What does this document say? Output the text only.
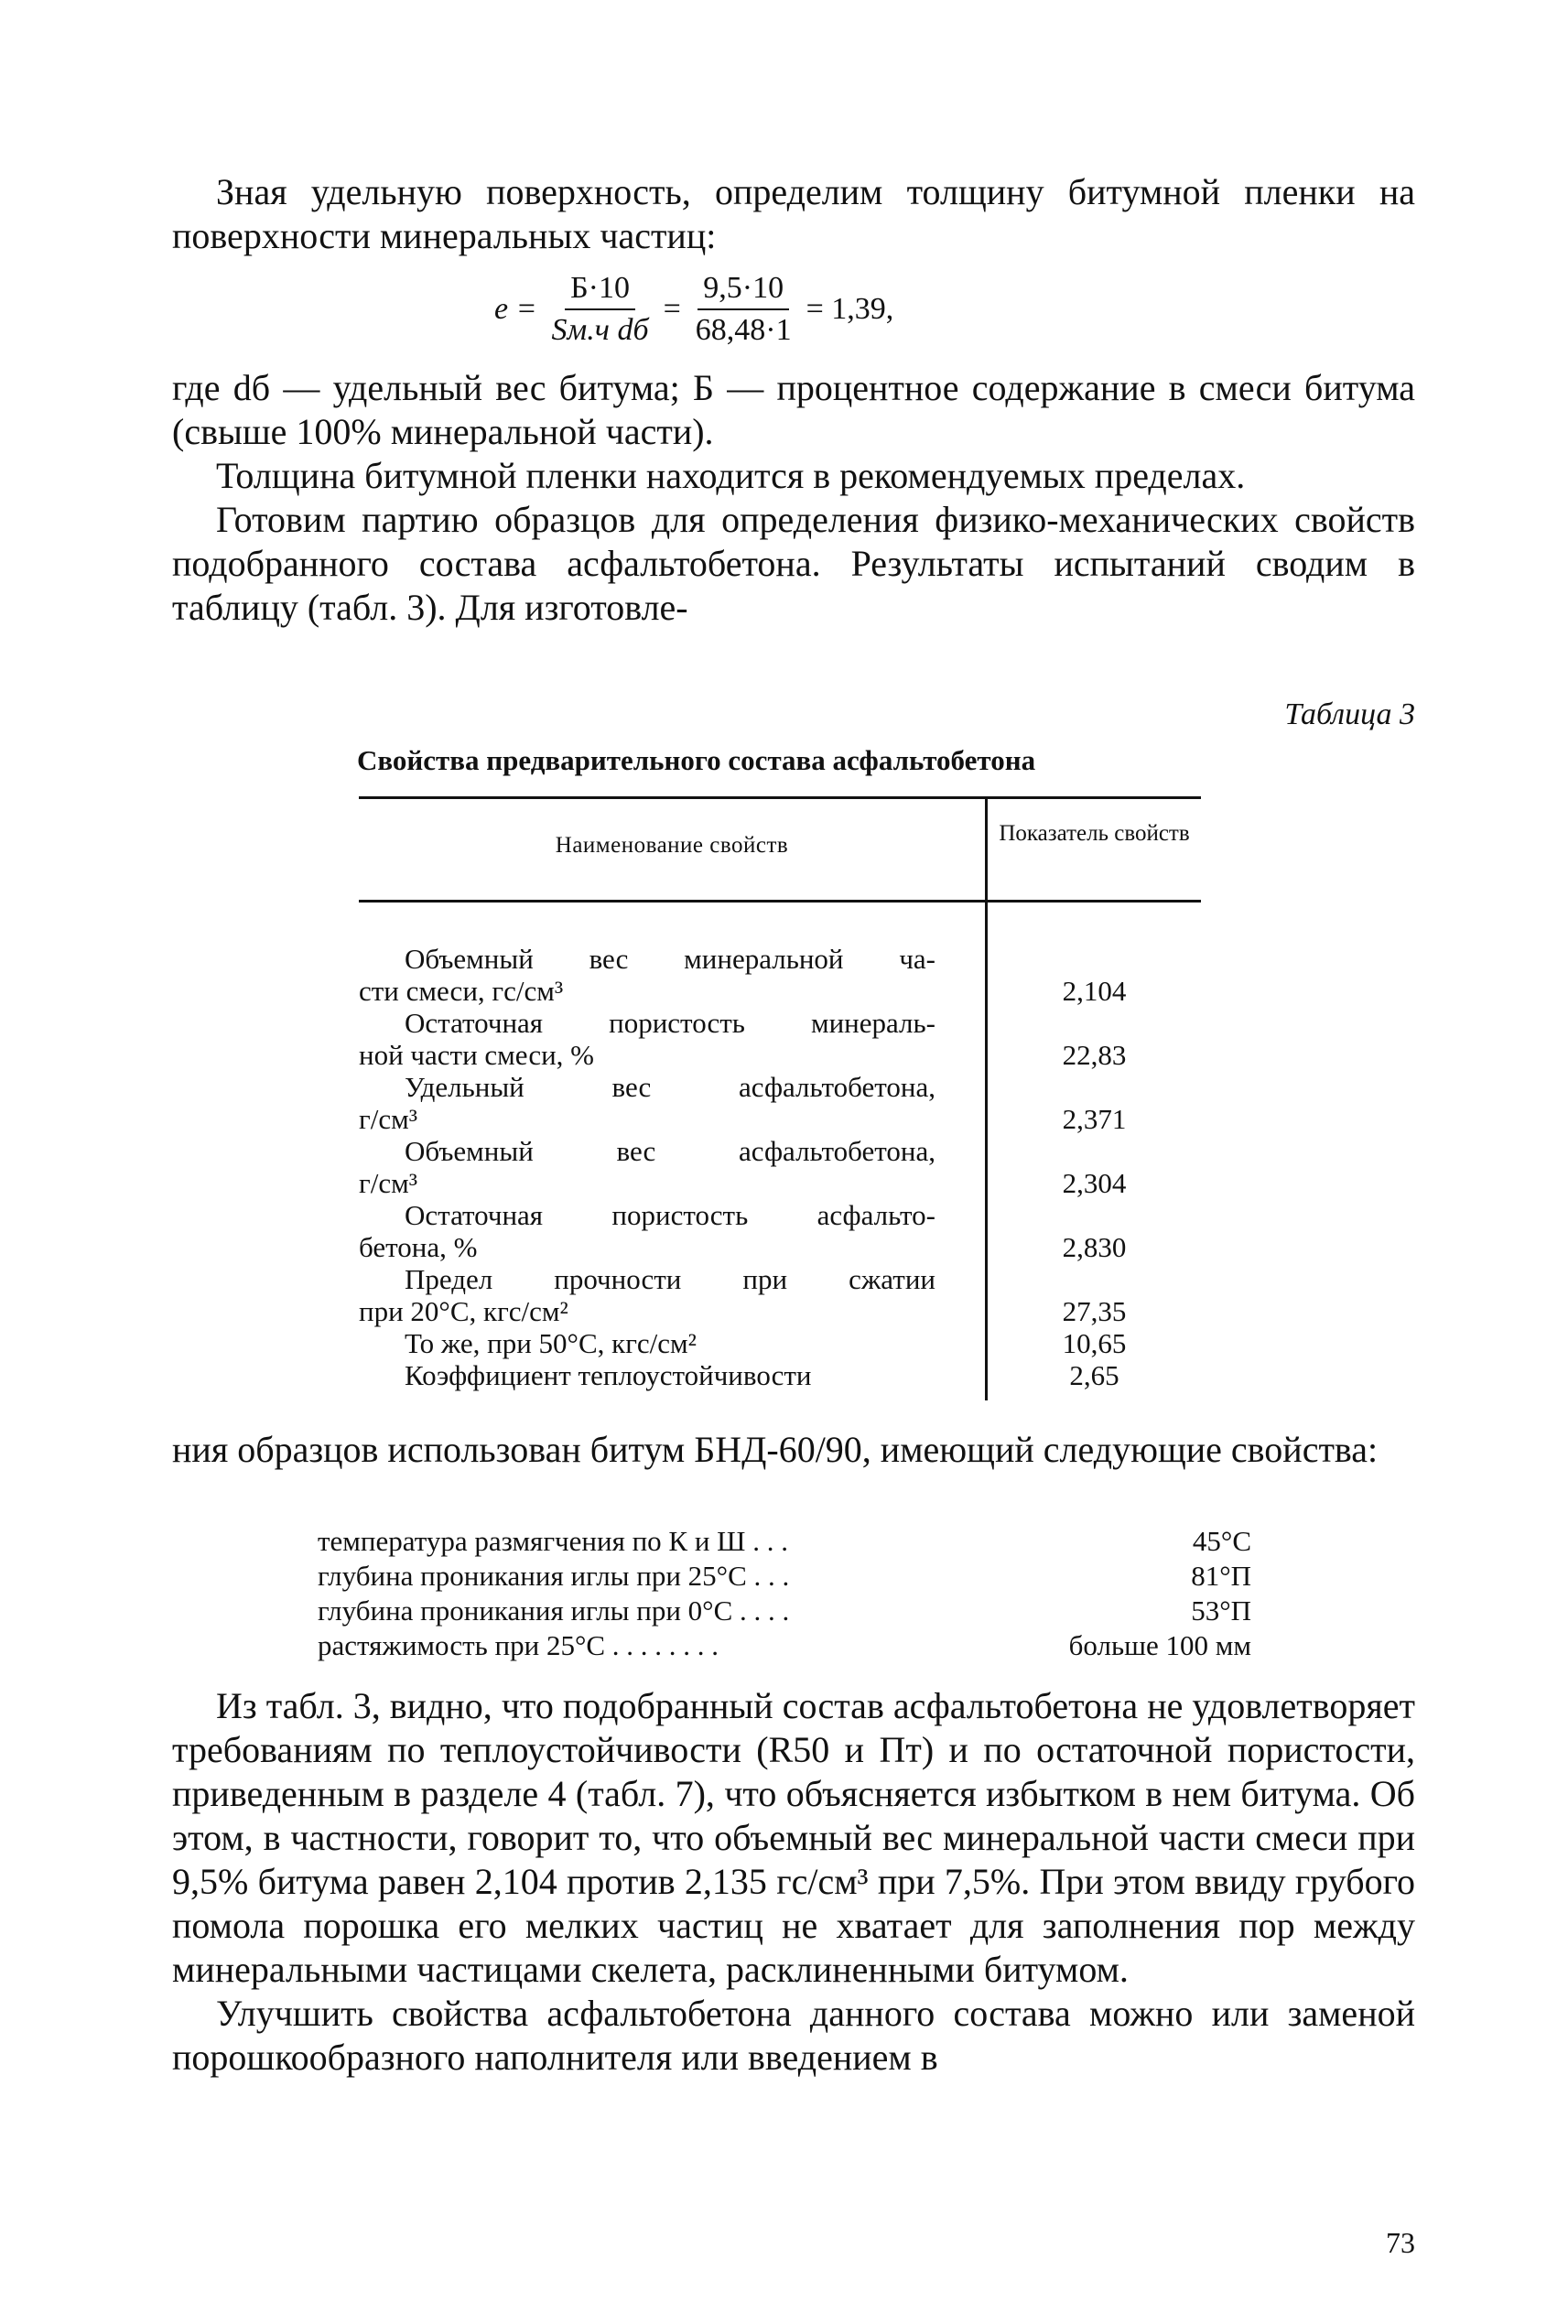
Зная удельную поверхность, определим толщину битумной пленки на поверхности минеральных частиц:

$e = \frac{Б\cdot 10}{\text{Sм.ч dб}} = \frac{9,5\cdot 10}{68,48\cdot 1} = 1,39$,

где dб — удельный вес битума; Б — процентное содержание в смеси битума (свыше 100% минеральной части).

Толщина битумной пленки находится в рекомендуемых пределах.

Готовим партию образцов для определения физико-механических свойств подобранного состава асфальтобетона. Результаты испытаний сводим в таблицу (табл. 3). Для изготовле-

Таблица 3
Свойства предварительного состава асфальтобетона
Наименование свойств	Показатель свойств
Объемный вес минеральной ча-
сти смеси, гс/см³	2,104
Остаточная пористость минераль-
ной части смеси, %	22,83
Удельный вес асфальтобетона,
г/см³	2,371
Объемный вес асфальтобетона,
г/см³	2,304
Остаточная пористость асфальто-
бетона, %	2,830
Предел прочности при сжатии
при 20°С, кгс/см²	27,35
То же, при 50°С, кгс/см²	10,65
Коэффициент теплоустойчивости	2,65

ния образцов использован битум БНД-60/90, имеющий следующие свойства:

температура размягчения по К и Ш . . .	45°С
глубина проникания иглы при 25°С . . .	81°П
глубина проникания иглы при 0°С . . . .	53°П
растяжимость при 25°С . . . . . . . .	больше 100 мм

Из табл. 3, видно, что подобранный состав асфальтобетона не удовлетворяет требованиям по теплоустойчивости (R50 и Пт) и по остаточной пористости, приведенным в разделе 4 (табл. 7), что объясняется избытком в нем битума. Об этом, в частности, говорит то, что объемный вес минеральной части смеси при 9,5% битума равен 2,104 против 2,135 гс/см³ при 7,5%. При этом ввиду грубого помола порошка его мелких частиц не хватает для заполнения пор между минеральными частицами скелета, расклиненными битумом.

Улучшить свойства асфальтобетона данного состава можно или заменой порошкообразного наполнителя или введением в

73
